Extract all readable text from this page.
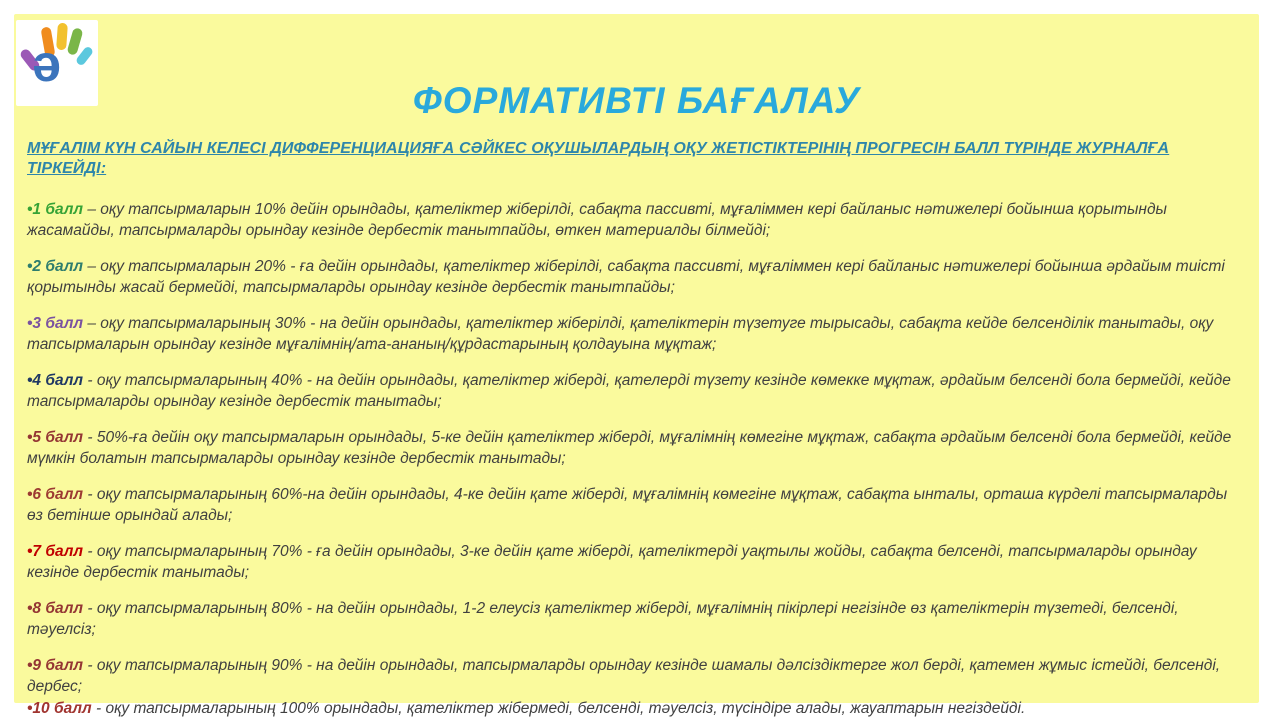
ә
ФОРМАТИВТІ БАҒАЛАУ
МҰҒАЛІМ КҮН САЙЫН КЕЛЕСІ ДИФФЕРЕНЦИАЦИЯҒА СӘЙКЕС ОҚУШЫЛАРДЫҢ ОҚУ ЖЕТІСТІКТЕРІНІҢ ПРОГРЕСІН БАЛЛ ТҮРІНДЕ ЖУРНАЛҒА ТІРКЕЙДІ:

•1 балл – оқу тапсырмаларын 10% дейін орындады, қателіктер жіберілді, сабақта пассивті, мұғаліммен кері байланыс нәтижелері бойынша қорытынды жасамайды, тапсырмаларды орындау кезінде дербестік танытпайды, өткен материалды білмейді;

•2 балл – оқу тапсырмаларын 20% - ға дейін орындады, қателіктер жіберілді, сабақта пассивті, мұғаліммен кері байланыс нәтижелері бойынша әрдайым тиісті қорытынды жасай бермейді, тапсырмаларды орындау кезінде дербестік танытпайды;

•3 балл – оқу тапсырмаларының 30% - на дейін орындады, қателіктер жіберілді, қателіктерін түзетуге тырысады, сабақта кейде белсенділік танытады, оқу тапсырмаларын орындау кезінде мұғалімнің/ата-ананың/құрдастарының қолдауына мұқтаж;

•4 балл - оқу тапсырмаларының 40% - на дейін орындады, қателіктер жіберді, қателерді түзету кезінде көмекке мұқтаж, әрдайым белсенді бола бермейді, кейде тапсырмаларды орындау кезінде дербестік танытады;

•5 балл - 50%-ға дейін оқу тапсырмаларын орындады, 5-ке дейін қателіктер жіберді, мұғалімнің көмегіне мұқтаж, сабақта әрдайым белсенді бола бермейді, кейде мүмкін болатын тапсырмаларды орындау кезінде дербестік танытады;

•6 балл - оқу тапсырмаларының 60%-на дейін орындады, 4-ке дейін қате жіберді, мұғалімнің көмегіне мұқтаж, сабақта ынталы, орташа күрделі тапсырмаларды өз бетінше орындай алады;

•7 балл - оқу тапсырмаларының 70% - ға дейін орындады, 3-ке дейін қате жіберді, қателіктерді уақтылы жойды, сабақта белсенді, тапсырмаларды орындау кезінде дербестік танытады;

•8 балл - оқу тапсырмаларының 80% - на дейін орындады, 1-2 елеусіз қателіктер жіберді, мұғалімнің пікірлері негізінде өз қателіктерін түзетеді, белсенді, тәуелсіз;

•9 балл - оқу тапсырмаларының 90% - на дейін орындады, тапсырмаларды орындау кезінде шамалы дәлсіздіктерге жол берді, қатемен жұмыс істейді, белсенді, дербес;

•10 балл - оқу тапсырмаларының 100% орындады, қателіктер жібермеді, белсенді, тәуелсіз, түсіндіре алады, жауаптарын негіздейді.
